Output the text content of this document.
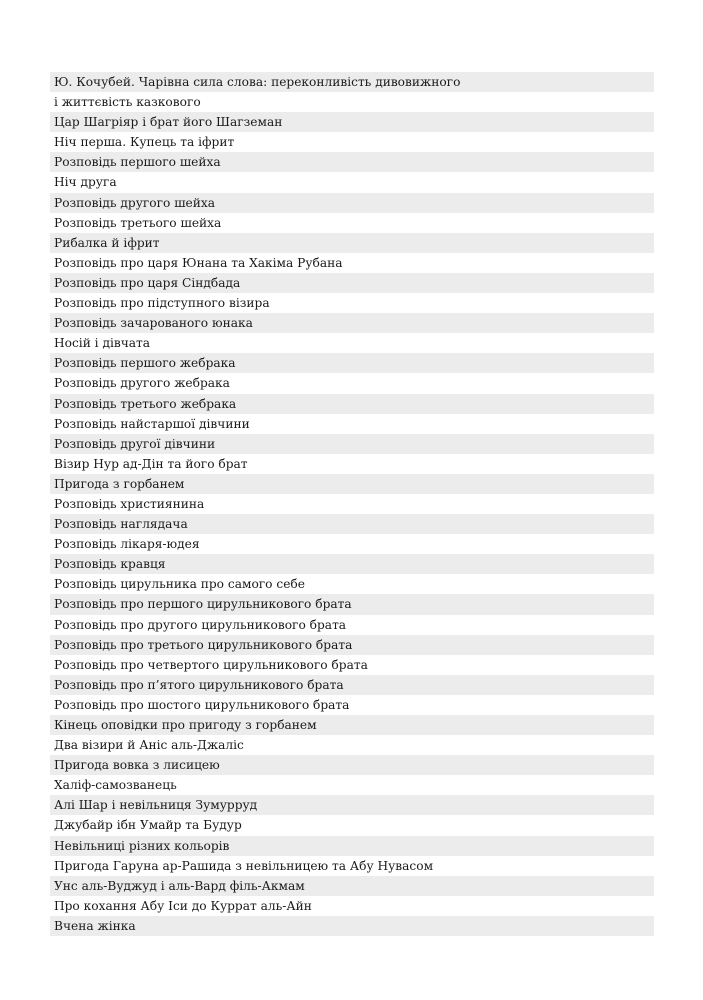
Ю. Кочубей. Чарівна сила слова: переконливість дивовижного
і життєвість казкового
Цар Шагріяр і брат його Шагземан
Ніч перша. Купець та іфрит
Розповідь першого шейха
Ніч друга
Розповідь другого шейха
Розповідь третього шейха
Рибалка й іфрит
Розповідь про царя Юнана та Хакіма Рубана
Розповідь про царя Сіндбада
Розповідь про підступного візира
Розповідь зачарованого юнака
Носій і дівчата
Розповідь першого жебрака
Розповідь другого жебрака
Розповідь третього жебрака
Розповідь найстаршої дівчини
Розповідь другої дівчини
Візир Нур ад-Дін та його брат
Пригода з горбанем
Розповідь християнина
Розповідь наглядача
Розповідь лікаря-юдея
Розповідь кравця
Розповідь цирульника про самого себе
Розповідь про першого цирульникового брата
Розповідь про другого цирульникового брата
Розповідь про третього цирульникового брата
Розповідь про четвертого цирульникового брата
Розповідь про п’ятого цирульникового брата
Розповідь про шостого цирульникового брата
Кінець оповідки про пригоду з горбанем
Два візири й Аніс аль-Джаліс
Пригода вовка з лисицею
Халіф-самозванець
Алі Шар і невільниця Зумурруд
Джубайр ібн Умайр та Будур
Невільниці різних кольорів
Пригода Гаруна ар-Рашида з невільницею та Абу Нувасом
Унс аль-Вуджуд і аль-Вард філь-Акмам
Про кохання Абу Іси до Куррат аль-Айн
Вчена жінка
